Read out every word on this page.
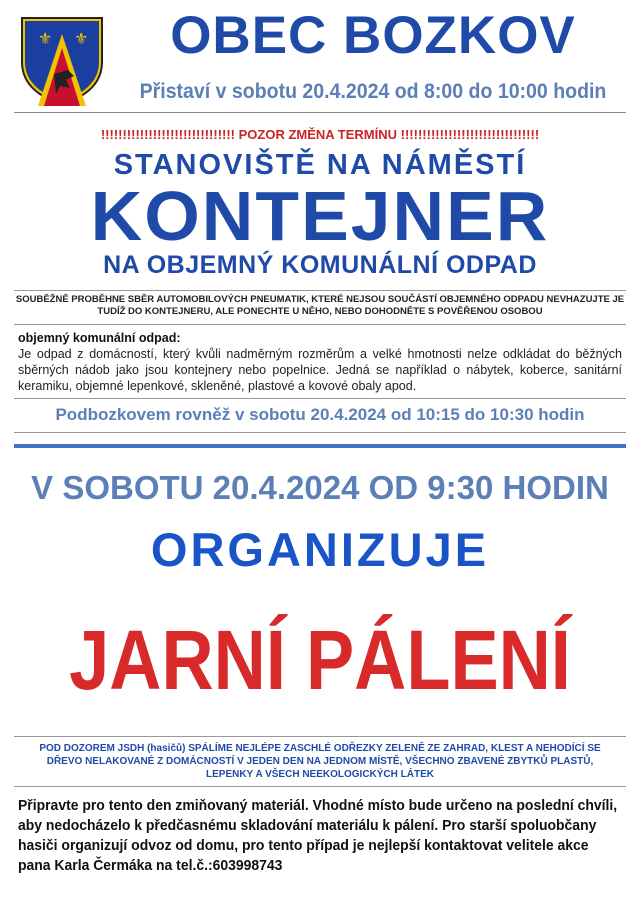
⚜ ⚜	OBEC BOZKOV
Přistaví v sobotu 20.4.2024 od 8:00 do 10:00 hodin
!!!!!!!!!!!!!!!!!!!!!!!!!!!!!!! POZOR ZMĚNA TERMÍNU !!!!!!!!!!!!!!!!!!!!!!!!!!!!!!!!
STANOVIŠTĚ NA NÁMĚSTÍ
KONTEJNER
NA OBJEMNÝ KOMUNÁLNÍ ODPAD
SOUBĚŽNĚ PROBĚHNE SBĚR AUTOMOBILOVÝCH PNEUMATIK, KTERÉ NEJSOU SOUČÁSTÍ OBJEMNÉHO ODPADU NEVHAZUJTE JE TUDÍŽ DO KONTEJNERU, ALE PONECHTE U NĚHO, NEBO DOHODNĚTE S POVĚŘENOU OSOBOU
objemný komunální odpad:
Je odpad z domácností, který kvůli nadměrným rozměrům a velké hmotnosti nelze odkládat do běžných sběrných nádob jako jsou kontejnery nebo popelnice. Jedná se například o nábytek, koberce, sanitární keramiku, objemné lepenkové, skleněné, plastové a kovové obaly apod.
Podbozkovem rovněž v sobotu 20.4.2024 od 10:15 do 10:30 hodin
V SOBOTU 20.4.2024 OD 9:30 HODIN
ORGANIZUJE
JARNÍ PÁLENÍ
POD DOZOREM JSDH (hasičů) SPÁLÍME NEJLÉPE ZASCHLÉ ODŘEZKY ZELENĚ ZE ZAHRAD, KLEST A NEHODÍCÍ SE DŘEVO NELAKOVANÉ Z DOMÁCNOSTÍ V JEDEN DEN NA JEDNOM MÍSTĚ, VŠECHNO ZBAVENÉ ZBYTKŮ PLASTŮ, LEPENKY A VŠECH NEEKOLOGICKÝCH LÁTEK
Připravte pro tento den zmiňovaný materiál. Vhodné místo bude určeno na poslední chvíli, aby nedocházelo k předčasnému skladování materiálu k pálení. Pro starší spoluobčany hasiči organizují odvoz od domu, pro tento případ je nejlepší kontaktovat velitele akce pana Karla Čermáka na tel.č.:603998743
